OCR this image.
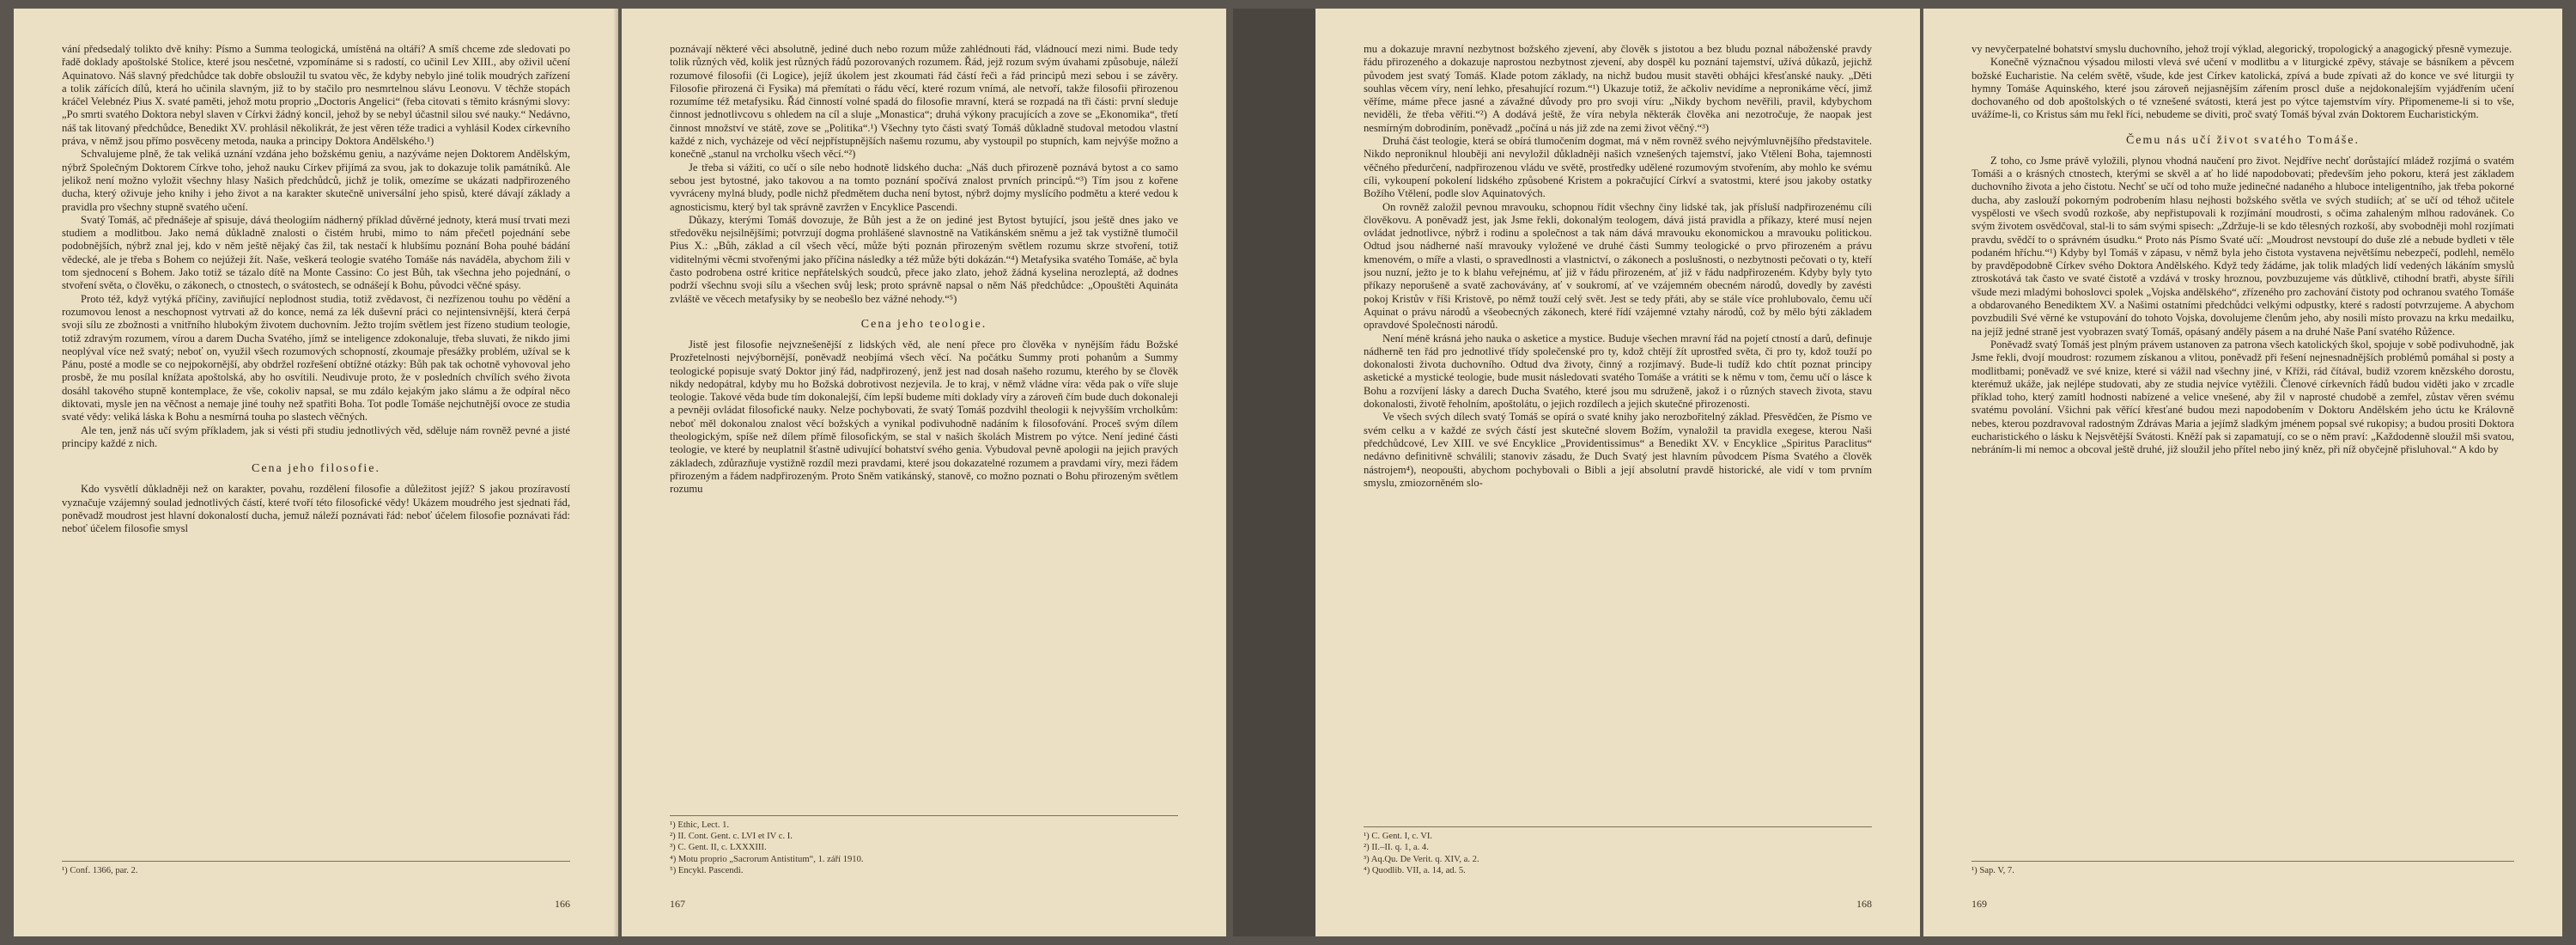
vání předsedalý tolikto dvě knihy: Písmo a Summa teologická, umístěná na oltáři? A smíš chceme zde sledovati po řadě doklady apoštolské Stolice, které jsou nesčetné, vzpomínáme si s radostí, co učinil Lev XIII., aby oživil učení Aquinatovo. Náš slavný předchůdce tak dobře obsloužil tu svatou věc, že kdyby nebylo jiné tolik moudrých zařízení a tolik zářících dílů, která ho učinila slavným, již to by stačilo pro nesmrtelnou slávu Leonovu. V těchže stopách kráčel Velebnéz Pius X. svaté paměti, jehož motu proprio „Doctoris Angelici“ (řeba citovati s těmito krásnými slovy: „Po smrti svatého Doktora nebyl slaven v Církvi žádný koncil, jehož by se nebyl účastnil silou své nauky.“ Nedávno, náš tak litovaný předchůdce, Benedikt XV. prohlásil několikrát, že jest věren téže tradici a vyhlásil Kodex církevního práva, v němž jsou přímo posvěceny metoda, nauka a principy Doktora Andělského.¹)

Schvalujeme plně, že tak veliká uznání vzdána jeho božskému geniu, a nazýváme nejen Doktorem Andělským, nýbrž Společným Doktorem Církve toho, jehož nauku Církev přijímá za svou, jak to dokazuje tolik památníků. Ale jelikož není možno vyložit všechny hlasy Našich předchůdců, jichž je tolik, omezíme se ukázati nadpřirozeného ducha, který oživuje jeho knihy i jeho život a na karakter skutečně universální jeho spisů, které dávají základy a pravidla pro všechny stupně svatého učení.

Svatý Tomáš, ač přednášeje ař spisuje, dává theologiím nádherný příklad důvěrné jednoty, která musí trvati mezi studiem a modlitbou. Jako nemá důkladně znalosti o čistém hrubi, mimo to nám přečetl pojednání sebe podobnějších, nýbrž znal jej, kdo v něm ještě nějaký čas žil, tak nestačí k hlubšímu poznání Boha pouhé bádání vědecké, ale je třeba s Bohem co nejúžeji žít. Naše, veškerá teologie svatého Tomáše nás naváděla, abychom žili v tom sjednocení s Bohem. Jako totiž se tázalo dítě na Monte Cassino: Co jest Bůh, tak všechna jeho pojednání, o stvoření světa, o člověku, o zákonech, o ctnostech, o svátostech, se odnášejí k Bohu, původci věčné spásy.

Proto též, když vytýká příčiny, zaviňující neplodnost studia, totiž zvědavost, či nezřízenou touhu po vědění a rozumovou lenost a neschopnost vytrvati až do konce, nemá za lék duševní práci co nejintensivnější, která čerpá svoji sílu ze zbožnosti a vnitřního hlubokým životem duchovním. Ježto trojím světlem jest řízeno studium teologie, totiž zdravým rozumem, vírou a darem Ducha Svatého, jímž se inteligence zdokonaluje, třeba sluvati, že nikdo jimi neoplýval více než svatý; neboť on, využil všech rozumových schopností, zkoumaje přesážky problém, užíval se k Pánu, posté a modle se co nejpokornější, aby obdržel rozřešení obtížné otázky: Bůh pak tak ochotně vyhovoval jeho prosbě, že mu posílal knížata apoštolská, aby ho osvítili. Neudivuje proto, že v posledních chvílích svého života dosáhl takového stupně kontemplace, že vše, cokoliv napsal, se mu zdálo kejakým jako slámu a že odpíral něco diktovati, mysle jen na věčnost a nemaje jiné touhy než spatřiti Boha. Tot podle Tomáše nejchutnější ovoce ze studia svaté vědy: veliká láska k Bohu a nesmírná touha po slastech věčných.

Ale ten, jenž nás učí svým příkladem, jak si vésti při studiu jednotlivých věd, sděluje nám rovněž pevné a jisté principy každé z nich.

Cena jeho filosofie.

Kdo vysvětlí důkladněji než on karakter, povahu, rozdělení filosofie a důležitost jejíž? S jakou prozíravostí vyznačuje vzájemný soulad jednotlivých částí, které tvoří této filosofické vědy! Ukázem moudrého jest sjednati řád, poněvadž moudrost jest hlavní dokonalostí ducha, jemuž náleží poznávati řád: neboť účelem filosofie poznávati řád: neboť účelem filosofie smysl

¹) Conf. 1366, par. 2.
166

poznávají některé věci absolutně, jediné duch nebo rozum může zahlédnouti řád, vládnoucí mezi nimi. Bude tedy tolik různých věd, kolik jest různých řádů pozorovaných rozumem. Řád, jejž rozum svým úvahami způsobuje, náleží rozumové filosofii (či Logice), jejíž úkolem jest zkoumati řád částí řeči a řád principů mezi sebou i se závěry. Filosofie přirozená či Fysika) má přemítati o řádu věcí, které rozum vnímá, ale netvoří, takže filosofii přirozenou rozumíme též metafysiku. Řád činností volné spadá do filosofie mravní, která se rozpadá na tři části: první sleduje činnost jednotlivcovu s ohledem na cíl a sluje „Monastica“; druhá výkony pracujících a zove se „Ekonomika“, třetí činnost množství ve státě, zove se „Politika“.¹) Všechny tyto části svatý Tomáš důkladně studoval metodou vlastní každé z nich, vycházeje od věcí nejpřístupnějších našemu rozumu, aby vystoupil po stupních, kam nejvýše možno a konečně „stanul na vrcholku všech věcí.“²)

Je třeba si vážiti, co učí o síle nebo hodnotě lidského ducha: „Náš duch přirozeně poznává bytost a co samo sebou jest bytostné, jako takovou a na tomto poznání spočívá znalost prvních principů.“³) Tím jsou z kořene vyvráceny mylná bludy, podle nichž předmětem ducha není bytost, nýbrž dojmy myslícího podmětu a které vedou k agnosticismu, který byl tak správně zavržen v Encyklice Pascendi.

Důkazy, kterými Tomáš dovozuje, že Bůh jest a že on jediné jest Bytost bytující, jsou ještě dnes jako ve středověku nejsilnějšími; potvrzují dogma prohlášené slavnostně na Vatikánském sněmu a jež tak vystižně tlumočil Pius X.: „Bůh, základ a cíl všech věcí, může býti poznán přirozeným světlem rozumu skrze stvoření, totiž viditelnými věcmi stvořenými jako příčina následky a též může býti dokázán.“⁴) Metafysika svatého Tomáše, ač byla často podrobena ostré kritice nepřátelských soudců, přece jako zlato, jehož žádná kyselina nerozleptá, až dodnes podrží všechnu svoji sílu a všechen svůj lesk; proto správně napsal o něm Náš předchůdce: „Opouštěti Aquináta zvláště ve věcech metafysiky by se neobešlo bez vážné nehody.“⁵)

Cena jeho teologie.

Jistě jest filosofie nejvznešenější z lidských věd, ale není přece pro člověka v nynějším řádu Božské Prozřetelnosti nejvýbornější, poněvadž neobjímá všech věcí. Na počátku Summy proti pohanům a Summy teologické popisuje svatý Doktor jiný řád, nadpřirozený, jenž jest nad dosah našeho rozumu, kterého by se člověk nikdy nedopátral, kdyby mu ho Božská dobrotivost nezjevila. Je to kraj, v němž vládne víra: věda pak o víře sluje teologie. Takové věda bude tím dokonalejší, čím lepší budeme míti doklady víry a zároveň čím bude duch dokonaleji a pevněji ovládat filosofické nauky. Nelze pochybovati, že svatý Tomáš pozdvihl theologii k nejvyšším vrcholkům: neboť měl dokonalou znalost věcí božských a vynikal podivuhodně nadáním k filosofování. Proceš svým dílem theologickým, spíše než dílem přímě filosofickým, se stal v našich školách Mistrem po výtce. Není jediné části teologie, ve které by neuplatnil šťastně udivující bohatství svého genia. Vybudoval pevně apologii na jejich pravých základech, zdůrazňuje vystižně rozdíl mezi pravdami, které jsou dokazatelné rozumem a pravdami víry, mezi řádem přirozeným a řádem nadpřirozeným. Proto Sněm vatikánský, stanově, co možno poznati o Bohu přirozeným světlem rozumu

¹) Ethic, Lect. 1.
²) II. Cont. Gent. c. LVI et IV c. I.
³) C. Gent. II, c. LXXXIII.
⁴) Motu proprio „Sacrorum Antistitum“, 1. září 1910.
⁵) Encykl. Pascendi.
167

mu a dokazuje mravní nezbytnost božského zjevení, aby člověk s jistotou a bez bludu poznal náboženské pravdy řádu přirozeného a dokazuje naprostou nezbytnost zjevení, aby dospěl ku poznání tajemství, užívá důkazů, jejichž původem jest svatý Tomáš. Klade potom základy, na nichž budou musit stavěti obhájci křesťanské nauky. „Děti souhlas věcem víry, není lehko, přesahující rozum.“¹) Ukazuje totiž, že ačkoliv nevidíme a nepronikáme věcí, jimž věříme, máme přece jasné a závažné důvody pro pro svoji víru: „Nikdy bychom nevěřili, pravil, kdybychom neviděli, že třeba věřiti.“²) A dodává ještě, že víra nebyla některák člověka ani nezotročuje, že naopak jest nesmírným dobrodiním, poněvadž „počíná u nás již zde na zemi život věčný.“³)

Druhá část teologie, která se obírá tlumočením dogmat, má v něm rovněž svého nejvýmluvnějšího představitele. Nikdo neproniknul hlouběji ani nevyložil důkladněji našich vznešených tajemství, jako Vtělení Boha, tajemnosti věčného předurčení, nadpřirozenou vládu ve světě, prostředky udělené rozumovým stvořením, aby mohlo ke svému cíli, vykoupení pokolení lidského způsobené Kristem a pokračující Církví a svatostmi, které jsou jakoby ostatky Božího Vtělení, podle slov Aquinatových.

On rovněž založil pevnou mravouku, schopnou řídit všechny činy lidské tak, jak přísluší nadpřirozenému cíli člověkovu. A poněvadž jest, jak Jsme řekli, dokonalým teologem, dává jistá pravidla a příkazy, které musí nejen ovládat jednotlivce, nýbrž i rodinu a společnost a tak nám dává mravouku ekonomickou a mravouku politickou. Odtud jsou nádherné naší mravouky vyložené ve druhé části Summy teologické o prvo přirozeném a právu kmenovém, o míře a vlasti, o spravedlnosti a vlastnictví, o zákonech a poslušnosti, o nezbytnosti pečovati o ty, kteří jsou nuzní, ježto je to k blahu veřejnému, ať již v řádu přirozeném, ať již v řádu nadpřirozeném. Kdyby byly tyto příkazy neporušeně a svatě zachovávány, ať v soukromí, ať ve vzájemném obecném národů, dovedly by zavésti pokoj Kristův v říši Kristově, po němž touží celý svět. Jest se tedy přáti, aby se stále více prohlubovalo, čemu učí Aquinat o právu národů a všeobecných zákonech, které řídí vzájemné vztahy národů, což by mělo býti základem opravdové Společnosti národů.

Není méně krásná jeho nauka o asketice a mystice. Buduje všechen mravní řád na pojetí ctností a darů, definuje nádherně ten řád pro jednotlivé třídy společenské pro ty, kdož chtějí žít uprostřed světa, či pro ty, kdož touží po dokonalosti života duchovního. Odtud dva životy, činný a rozjímavý. Bude-li tudíž kdo chtít poznat principy asketické a mystické teologie, bude musit následovati svatého Tomáše a vrátiti se k němu v tom, čemu učí o lásce k Bohu a rozvíjení lásky a darech Ducha Svatého, které jsou mu sdruženě, jakož i o různých stavech života, stavu dokonalosti, životě řeholním, apoštolátu, o jejich rozdílech a jejich skutečné přirozenosti.

Ve všech svých dílech svatý Tomáš se opírá o svaté knihy jako nerozbořitelný základ. Přesvědčen, že Písmo ve svém celku a v každé ze svých částí jest skutečné slovem Božím, vynaložil ta pravidla exegese, kterou Naši předchůdcové, Lev XIII. ve své Encyklice „Providentissimus“ a Benedikt XV. v Encyklice „Spiritus Paraclitus“ nedávno definitivně schválili; stanoviv zásadu, že Duch Svatý jest hlavním původcem Písma Svatého a člověk nástrojem⁴), neopoušti, abychom pochybovali o Bibli a její absolutní pravdě historické, ale vidí v tom prvním smyslu, zmiozorněném slo-

¹) C. Gent. I, c. VI.
²) II.–II. q. 1, a. 4.
³) Aq.Qu. De Verit. q. XIV, a. 2.
⁴) Quodlib. VII, a. 14, ad. 5.
168

vy nevyčerpatelné bohatství smyslu duchovního, jehož trojí výklad, alegorický, tropologický a anagogický přesně vymezuje.

Konečně význačnou výsadou milosti vlevá své učení v modlitbu a v liturgické zpěvy, stávaje se básníkem a pěvcem božské Eucharistie. Na celém světě, všude, kde jest Církev katolická, zpívá a bude zpívati až do konce ve své liturgii ty hymny Tomáše Aquinského, které jsou zároveň nejjasnějším zářením proscl duše a nejdokonalejším vyjádřením učení dochovaného od dob apoštolských o té vznešené svátosti, která jest po výtce tajemstvím víry. Připomeneme-li si to vše, uvážíme-li, co Kristus sám mu řekl říci, nebudeme se diviti, proč svatý Tomáš býval zván Doktorem Eucharistickým.

Čemu nás učí život svatého Tomáše.

Z toho, co Jsme právě vyložili, plynou vhodná naučení pro život. Nejdříve nechť dorůstající mládež rozjímá o svatém Tomáši a o krásných ctnostech, kterými se skvěl a ať ho lidé napodobovati; především jeho pokoru, která jest základem duchovního života a jeho čistotu. Nechť se učí od toho muže jedinečné nadaného a hluboce inteligentního, jak třeba pokorné ducha, aby zaslouží pokorným podrobením hlasu nejhosti božského světla ve svých studiích; ať se učí od téhož učitele vyspělosti ve všech svodů rozkoše, aby nepřistupovali k rozjímání moudrosti, s očima zahaleným mlhou radovánek. Co svým životem osvědčoval, stal-li to sám svými spisech: „Zdržuje-li se kdo tělesných rozkoší, aby svobodněji mohl rozjímati pravdu, svědčí to o správném úsudku.“ Proto nás Písmo Svaté učí: „Moudrost nevstoupí do duše zlé a nebude bydleti v těle podaném hříchu.“¹) Kdyby byl Tomáš v zápasu, v němž byla jeho čistota vystavena největšímu nebezpečí, podlehl, nemělo by pravděpodobně Církev svého Doktora Andělského. Když tedy žádáme, jak tolik mladých lidí vedených lákáním smyslů ztroskotává tak často ve svaté čistotě a vzdává v trosky hroznou, povzbuzujeme vás důtklivě, ctihodní bratři, abyste šířili všude mezi mladými bohoslovci spolek „Vojska andělského“, zřízeného pro zachování čistoty pod ochranou svatého Tomáše a obdarovaného Benediktem XV. a Našimi ostatními předchůdci velkými odpustky, které s radostí potvrzujeme. A abychom povzbudili Své věrné ke vstupování do tohoto Vojska, dovolujeme členům jeho, aby nosili místo provazu na krku medailku, na jejíž jedné straně jest vyobrazen svatý Tomáš, opásaný anděly pásem a na druhé Naše Paní svatého Růžence.

Poněvadž svatý Tomáš jest plným právem ustanoven za patrona všech katolických škol, spojuje v sobě podivuhodně, jak Jsme řekli, dvojí moudrost: rozumem získanou a vlitou, poněvadž při řešení nejnesnadnějších problémů pomáhal si posty a modlitbami; poněvadž ve své knize, které si vážil nad všechny jiné, v Kříži, rád čítával, budiž vzorem knězského dorostu, kterémuž ukáže, jak nejlépe studovati, aby ze studia nejvíce vytěžili. Členové církevních řádů budou viděti jako v zrcadle příklad toho, který zamítl hodnosti nabízené a velice vnešené, aby žil v naprosté chudobě a zemřel, zůstav věren svému svatému povolání. Všichni pak věřící křesťané budou mezi napodobením v Doktoru Andělském jeho úctu ke Královně nebes, kterou pozdravoval radostným Zdrávas Maria a jejímž sladkým jménem popsal své rukopisy; a budou prositi Doktora eucharistického o lásku k Nejsvětější Svátosti. Kněží pak si zapamatují, co se o něm praví: „Každodenně sloužil mši svatou, nebráním-li mi nemoc a obcoval ještě druhé, již sloužil jeho přítel nebo jiný kněz, při níž obyčejně přisluhoval.“ A kdo by

¹) Sap. V, 7.
169
